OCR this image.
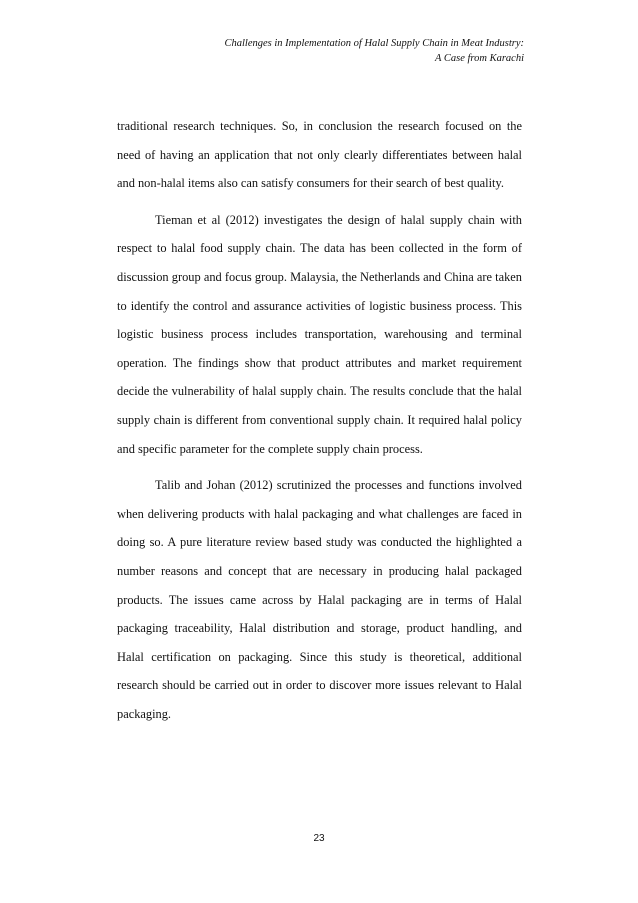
Challenges in Implementation of Halal Supply Chain in Meat Industry:
A Case from Karachi

traditional research techniques. So, in conclusion the research focused on the need of having an application that not only clearly differentiates between halal and non-halal items also can satisfy consumers for their search of best quality.

Tieman et al (2012) investigates the design of halal supply chain with respect to halal food supply chain. The data has been collected in the form of discussion group and focus group. Malaysia, the Netherlands and China are taken to identify the control and assurance activities of logistic business process. This logistic business process includes transportation, warehousing and terminal operation. The findings show that product attributes and market requirement decide the vulnerability of halal supply chain. The results conclude that the halal supply chain is different from conventional supply chain. It required halal policy and specific parameter for the complete supply chain process.

Talib and Johan (2012) scrutinized the processes and functions involved when delivering products with halal packaging and what challenges are faced in doing so. A pure literature review based study was conducted the highlighted a number reasons and concept that are necessary in producing halal packaged products. The issues came across by Halal packaging are in terms of Halal packaging traceability, Halal distribution and storage, product handling, and Halal certification on packaging. Since this study is theoretical, additional research should be carried out in order to discover more issues relevant to Halal packaging.

23
